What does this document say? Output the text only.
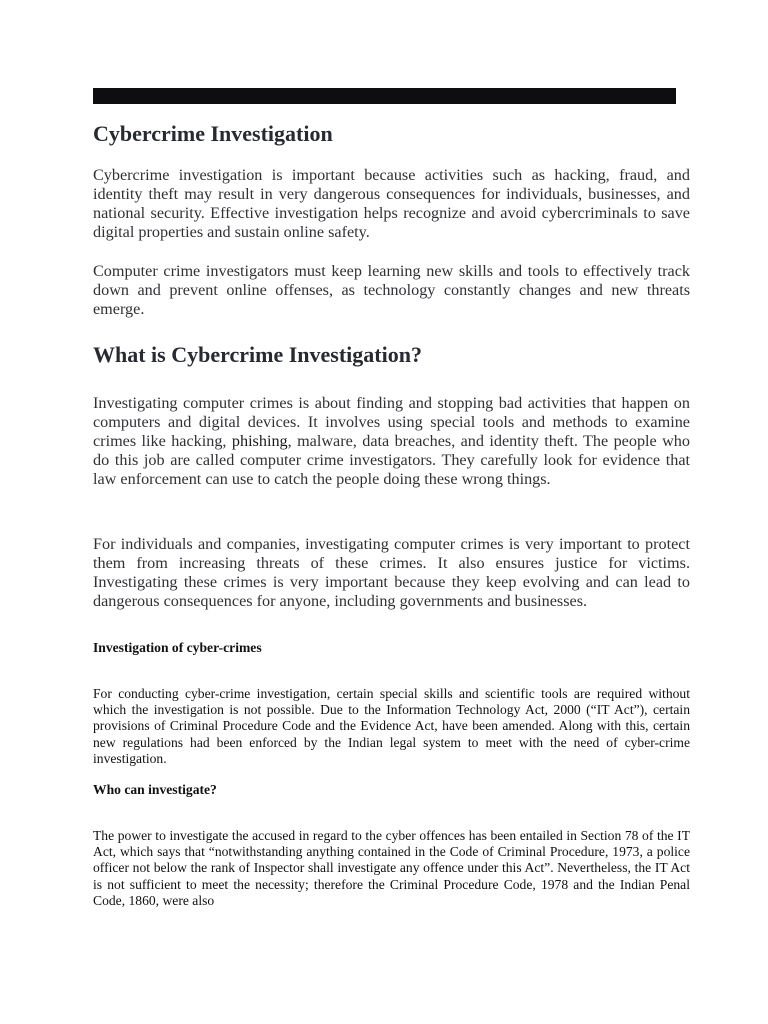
Cybercrime Investigation

Cybercrime investigation is important because activities such as hacking, fraud, and identity theft may result in very dangerous consequences for individuals, businesses, and national security. Effective investigation helps recognize and avoid cybercriminals to save digital properties and sustain online safety.

Computer crime investigators must keep learning new skills and tools to effectively track down and prevent online offenses, as technology constantly changes and new threats emerge.

What is Cybercrime Investigation?

Investigating computer crimes is about finding and stopping bad activities that happen on computers and digital devices. It involves using special tools and methods to examine crimes like hacking, phishing, malware, data breaches, and identity theft. The people who do this job are called computer crime investigators. They carefully look for evidence that law enforcement can use to catch the people doing these wrong things.

For individuals and companies, investigating computer crimes is very important to protect them from increasing threats of these crimes. It also ensures justice for victims. Investigating these crimes is very important because they keep evolving and can lead to dangerous consequences for anyone, including governments and businesses.

Investigation of cyber-crimes

For conducting cyber-crime investigation, certain special skills and scientific tools are required without which the investigation is not possible. Due to the Information Technology Act, 2000 (“IT Act”), certain provisions of Criminal Procedure Code and the Evidence Act, have been amended. Along with this, certain new regulations had been enforced by the Indian legal system to meet with the need of cyber-crime investigation.

Who can investigate?

The power to investigate the accused in regard to the cyber offences has been entailed in Section 78 of the IT Act, which says that “notwithstanding anything contained in the Code of Criminal Procedure, 1973, a police officer not below the rank of Inspector shall investigate any offence under this Act”. Nevertheless, the IT Act is not sufficient to meet the necessity; therefore the Criminal Procedure Code, 1978 and the Indian Penal Code, 1860, were also
